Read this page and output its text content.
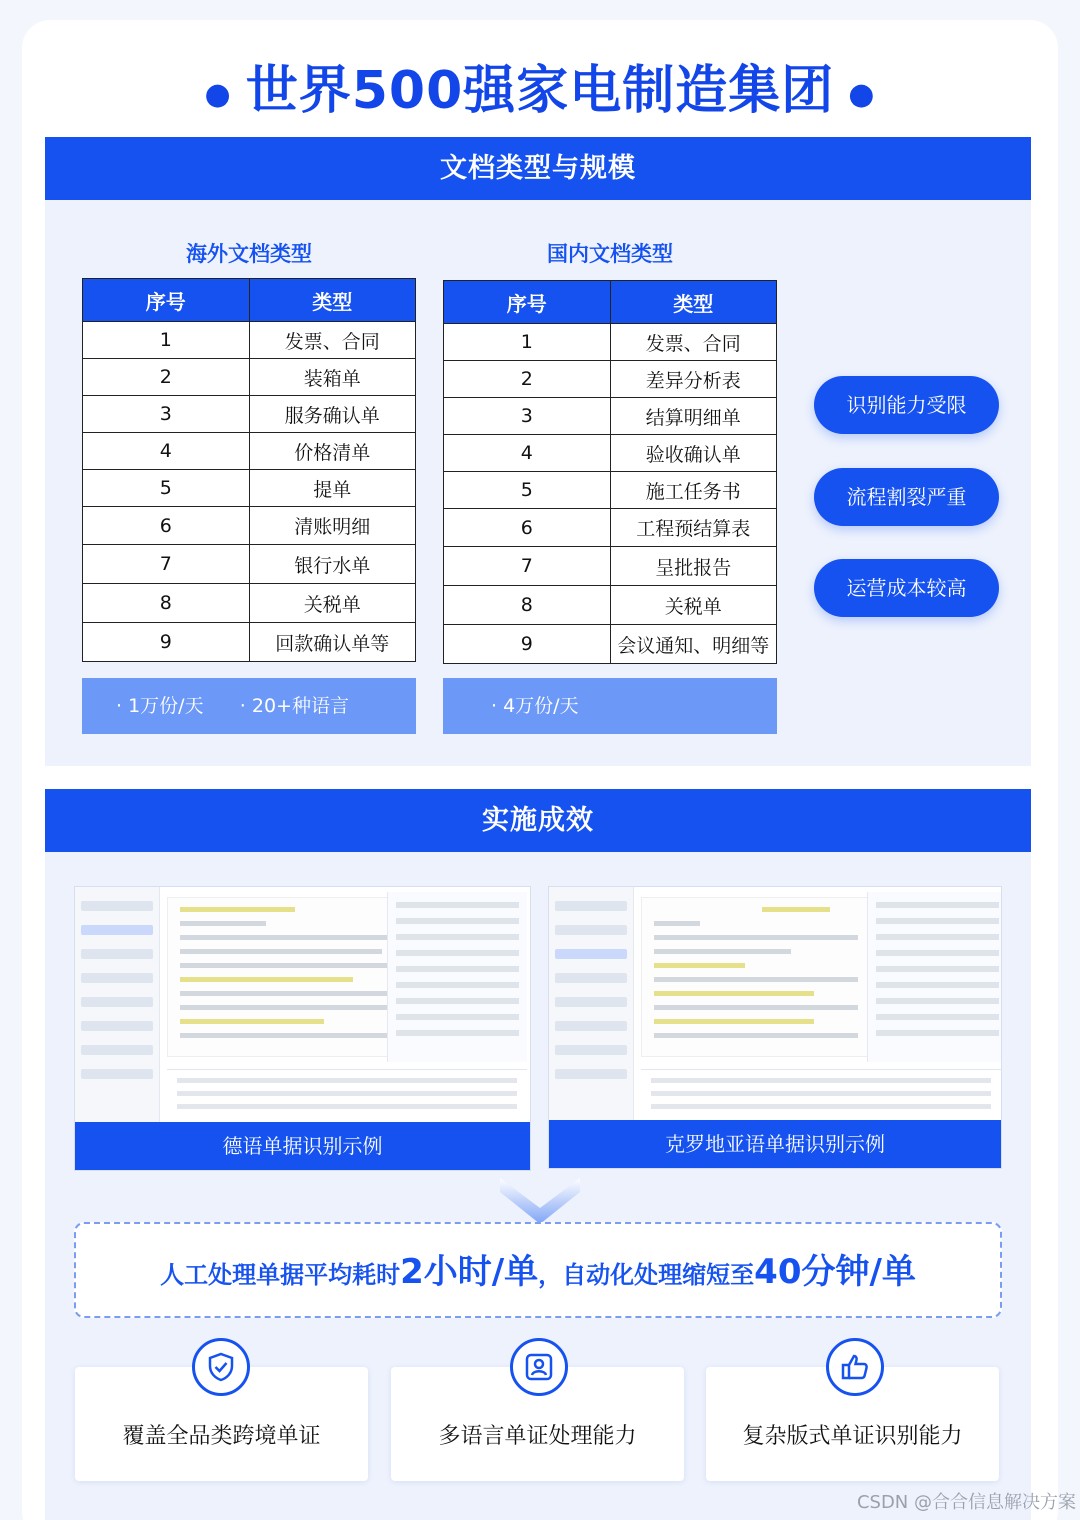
● 世界500强家电制造集团 ●
文档类型与规模
海外文档类型
序号	类型
1	发票、合同
2	装箱单
3	服务确认单
4	价格清单
5	提单
6	清账明细
7	银行水单
8	关税单
9	回款确认单等
· 1万份/天      · 20+种语言
国内文档类型
序号	类型
1	发票、合同
2	差异分析表
3	结算明细单
4	验收确认单
5	施工任务书
6	工程预结算表
7	呈批报告
8	关税单
9	会议通知、明细等
· 4万份/天
识别能力受限
流程割裂严重
运营成本较高
实施成效
德语单据识别示例	克罗地亚语单据识别示例
人工处理单据平均耗时2小时/单，自动化处理缩短至40分钟/单
覆盖全品类跨境单证	多语言单证处理能力	复杂版式单证识别能力
CSDN @合合信息解决方案
